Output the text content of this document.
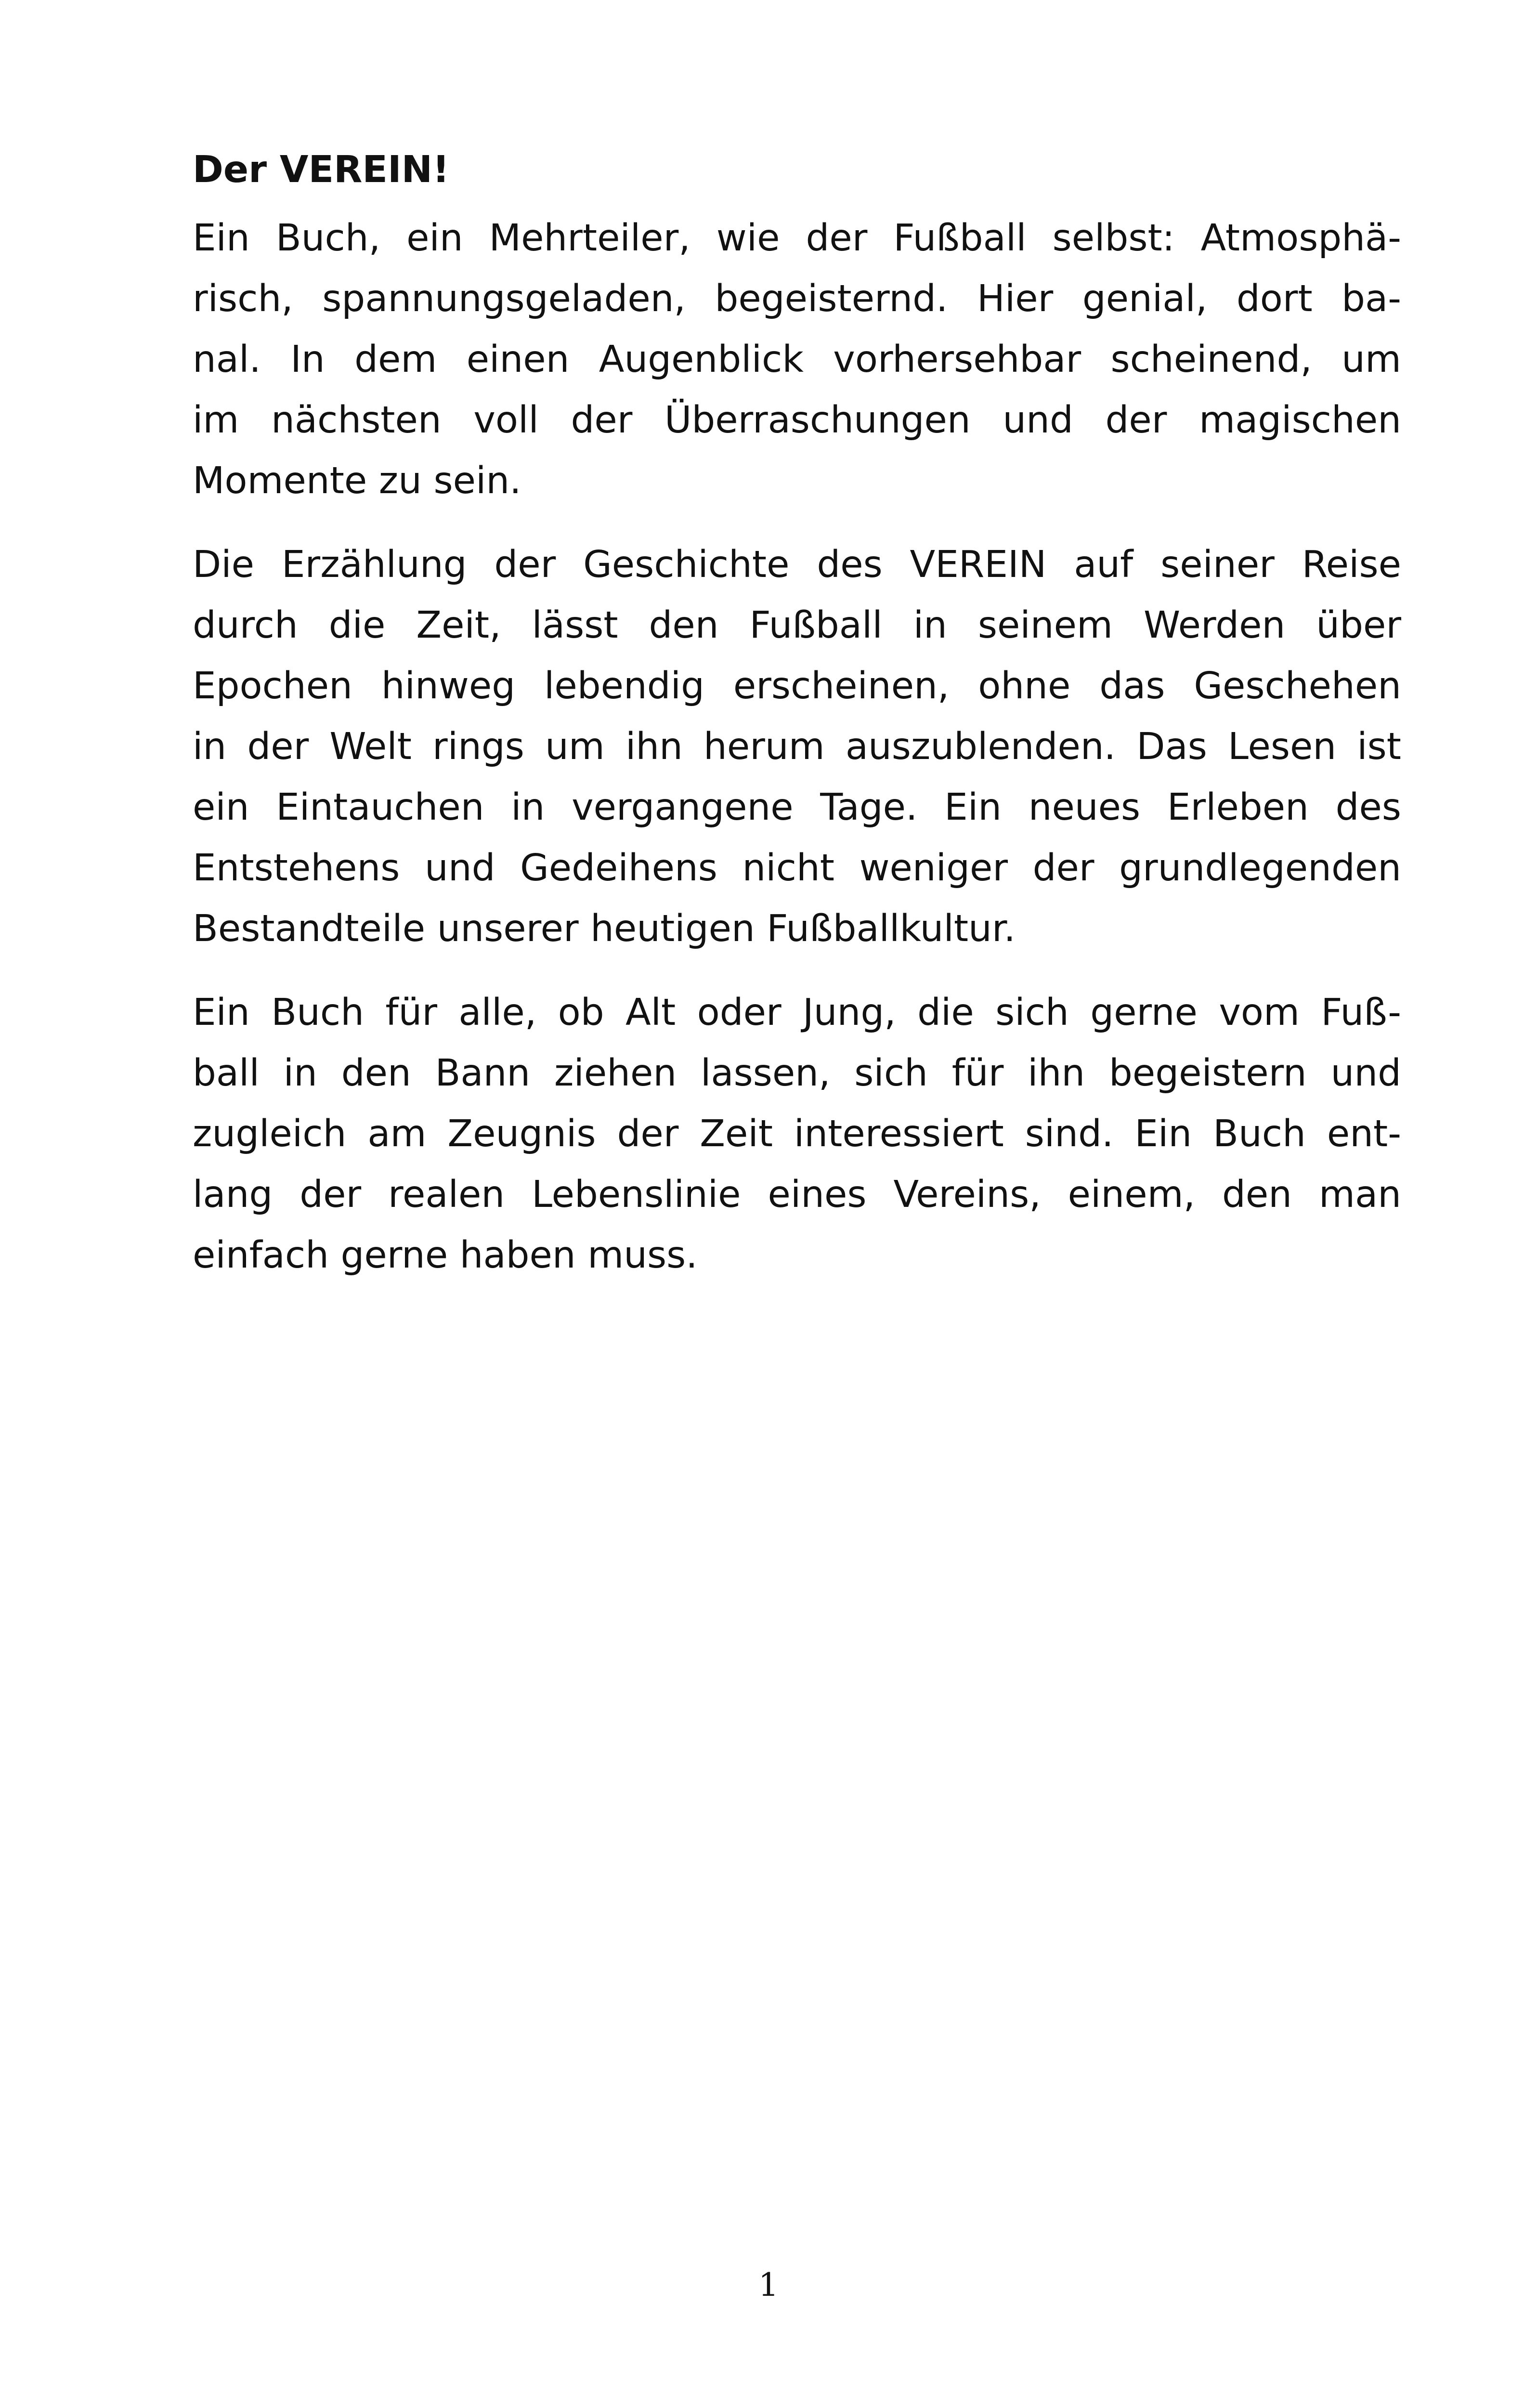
Der VEREIN!
Ein Buch, ein Mehrteiler, wie der Fußball selbst: Atmosphä-
risch, spannungsgeladen, begeisternd. Hier genial, dort ba-
nal. In dem einen Augenblick vorhersehbar scheinend, um
im nächsten voll der Überraschungen und der magischen
Momente zu sein.
Die Erzählung der Geschichte des VEREIN auf seiner Reise
durch die Zeit, lässt den Fußball in seinem Werden über
Epochen hinweg lebendig erscheinen, ohne das Geschehen
in der Welt rings um ihn herum auszublenden. Das Lesen ist
ein Eintauchen in vergangene Tage. Ein neues Erleben des
Entstehens und Gedeihens nicht weniger der grundlegenden
Bestandteile unserer heutigen Fußballkultur.
Ein Buch für alle, ob Alt oder Jung, die sich gerne vom Fuß-
ball in den Bann ziehen lassen, sich für ihn begeistern und
zugleich am Zeugnis der Zeit interessiert sind. Ein Buch ent-
lang der realen Lebenslinie eines Vereins, einem, den man
einfach gerne haben muss.
1
